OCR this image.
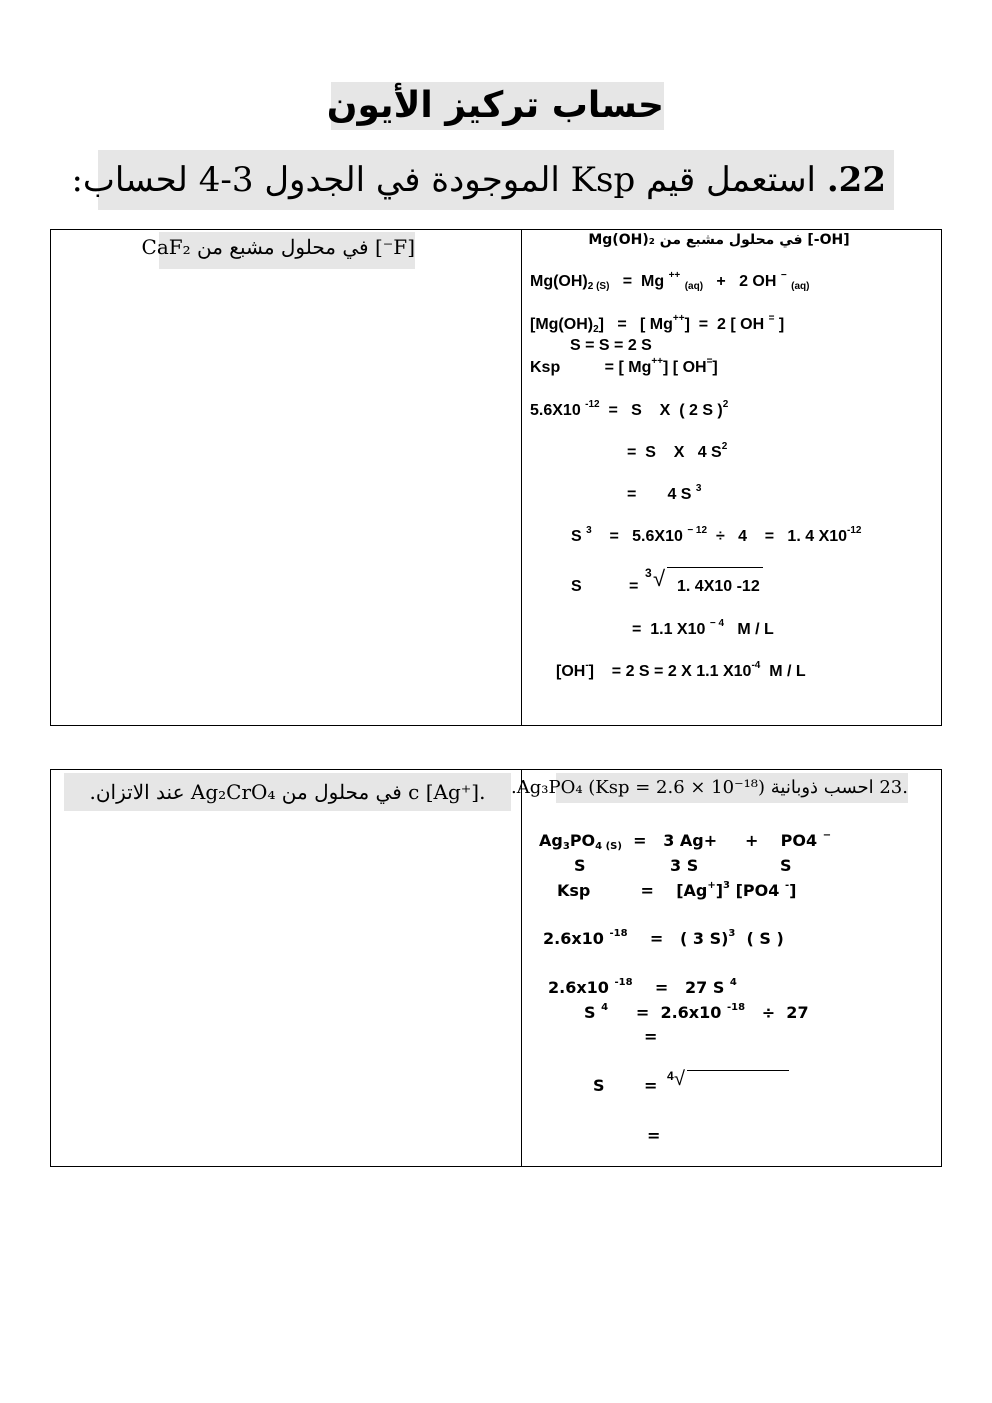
حساب تركيز الأيون
22. استعمل قيم Ksp الموجودة في الجدول 3-4 لحساب:
[F⁻] في محلول مشبع من CaF₂	[OH-] في محلول مشبع من Mg(OH)₂
$Mg(OH)_{2 (S)} = Mg$ ++ $_{(aq)}$   +   2 OH − $_{(aq)}$
$[Mg(OH)_2]$   =   [ Mg++]  =  2 [ OH = ]
S = S = 2 S
Ksp          = [ Mg++] [ OH=]
5.6X10 $^{-12}$  =   S    X  ( 2 S )$^2$
=  S    X   4 $S^2$
=       4 S $^3$
S $^3$    =   5.6X10 $^{- 12}$  ÷   4    =   1. 4 $X10^{-12}$
S	=
3 √ 1. 4X10 -12
=  1.1 X10 $^{- 4}$   M / L
[OH-]    = 2 S = 2 X 1.1 $X10^{-4}$  M / L
.c [Ag⁺] في محلول من Ag₂CrO₄ عند الاتزان.	.23 احسب ذوبانية Ag₃PO₄ (Ksp = 2.6 × 10⁻¹⁸).
$Ag_3PO_{4 (S)} = 3$ Ag+     +    PO4 −
S	3 S	S
Ksp         =    $[Ag^+]^3$ [PO4 -]
2.6x10 $^{-18}$    =   ( 3 S)$^3$  ( S )
2.6x10 $^{-18}$    =   27 S $^4$
S $^4$     =  2.6x10 $^{-18}$   ÷  27
=
S = 4 √
=
